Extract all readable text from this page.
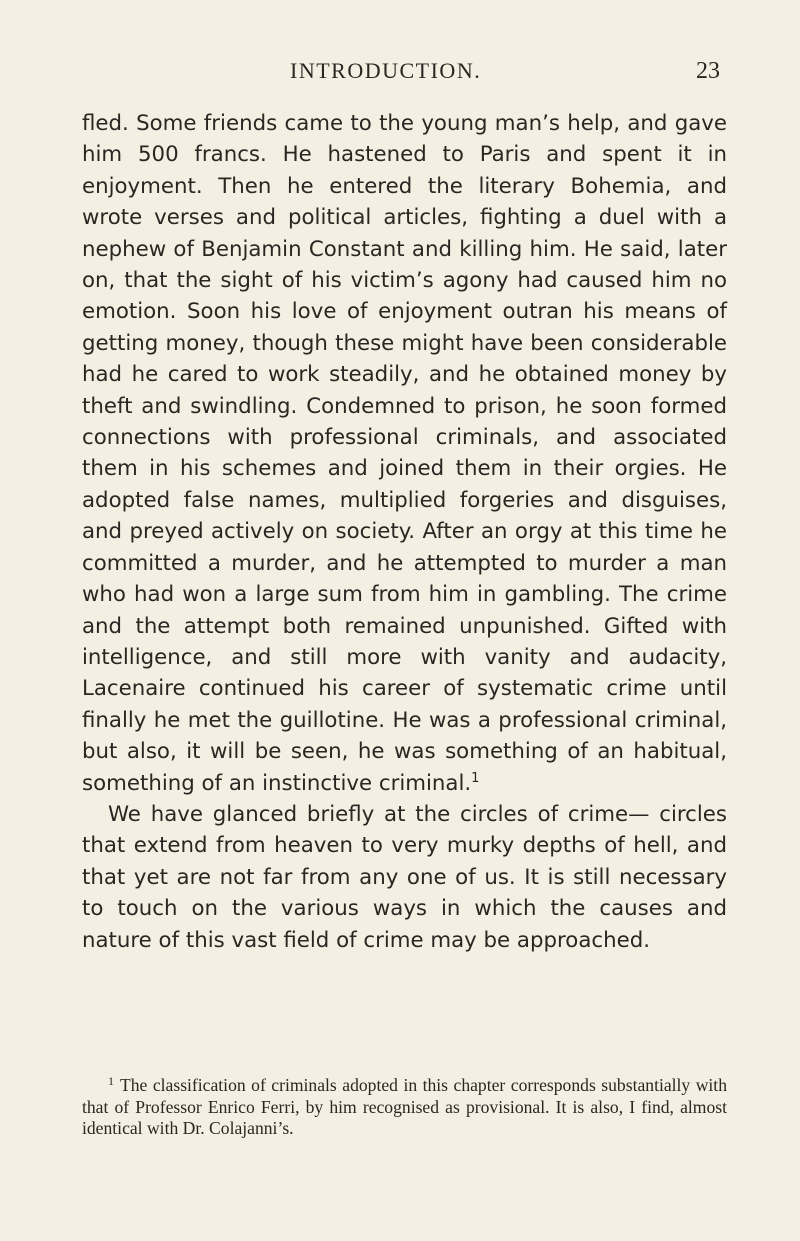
INTRODUCTION.	23

fled. Some friends came to the young man’s help, and gave him 500 francs. He hastened to Paris and spent it in enjoyment. Then he entered the literary Bohemia, and wrote verses and political articles, fighting a duel with a nephew of Benjamin Constant and killing him. He said, later on, that the sight of his victim’s agony had caused him no emotion. Soon his love of enjoyment outran his means of getting money, though these might have been considerable had he cared to work steadily, and he obtained money by theft and swindling. Condemned to prison, he soon formed connections with professional criminals, and associated them in his schemes and joined them in their orgies. He adopted false names, multiplied forgeries and disguises, and preyed actively on society. After an orgy at this time he committed a murder, and he attempted to murder a man who had won a large sum from him in gambling. The crime and the attempt both remained unpunished. Gifted with intelligence, and still more with vanity and audacity, Lacenaire continued his career of systematic crime until finally he met the guillotine. He was a professional criminal, but also, it will be seen, he was something of an habitual, something of an instinctive criminal.$^1$

We have glanced briefly at the circles of crime— circles that extend from heaven to very murky depths of hell, and that yet are not far from any one of us. It is still necessary to touch on the various ways in which the causes and nature of this vast field of crime may be approached.

$^1$ The classification of criminals adopted in this chapter corresponds substantially with that of Professor Enrico Ferri, by him recognised as provisional. It is also, I find, almost identical with Dr. Colajanni’s.
